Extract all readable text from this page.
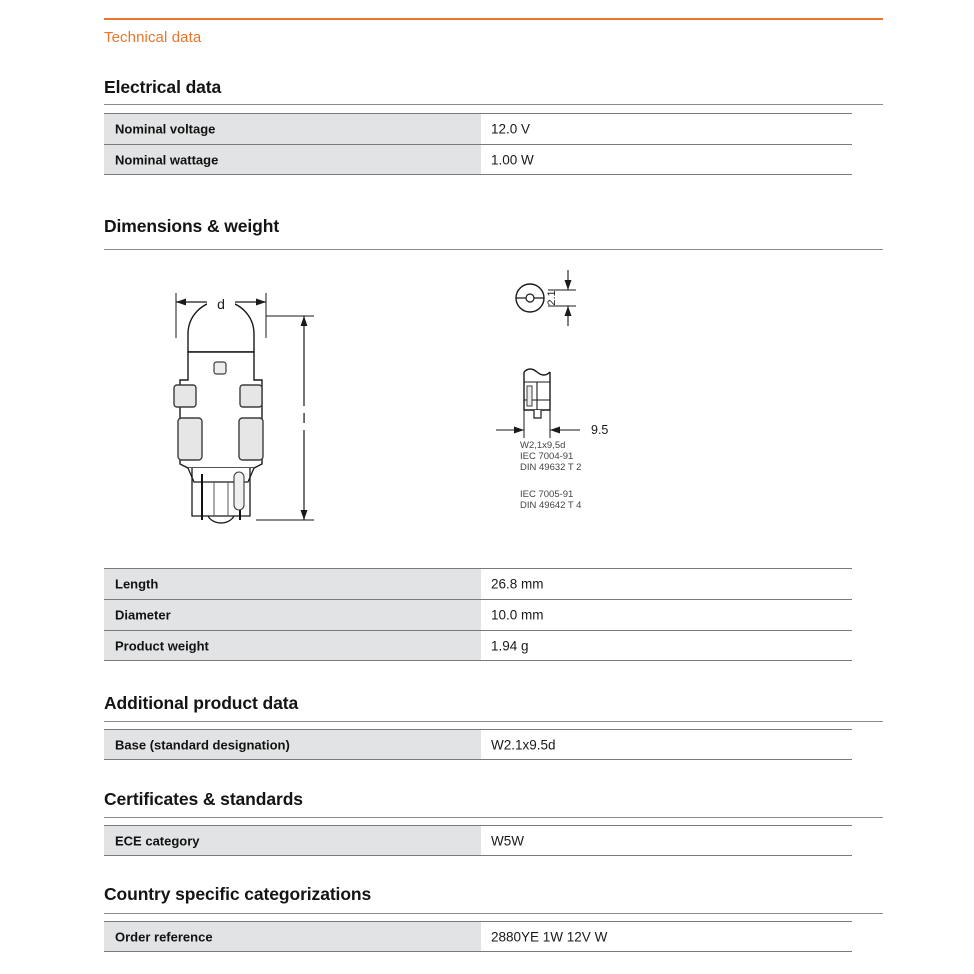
Technical data
Electrical data
Nominal voltage	12.0 V
Nominal wattage	1.00 W
Dimensions & weight
d
l
2.1
9.5
W2,1x9,5d
IEC 7004-91
DIN 49632 T 2
IEC 7005-91
DIN 49642 T 4
Length	26.8 mm
Diameter	10.0 mm
Product weight	1.94 g
Additional product data
Base (standard designation)	W2.1x9.5d
Certificates & standards
ECE category	W5W
Country specific categorizations
Order reference	2880YE 1W 12V W
